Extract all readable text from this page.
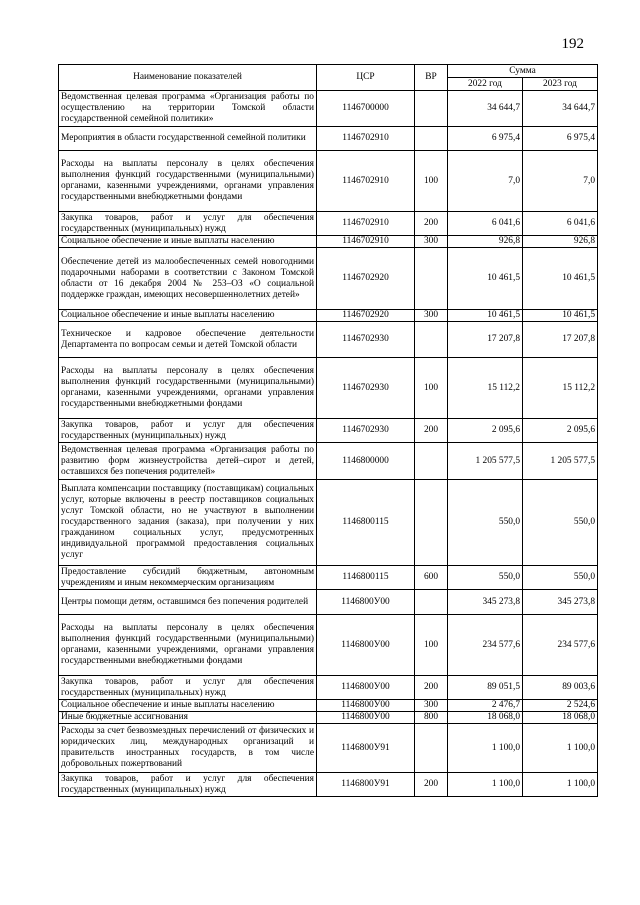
192
Наименование показателей	ЦСР	ВР	Сумма	
			2022 год	2023 год
Ведомственная целевая программа «Организация работы по осуществлению на территории Томской области государственной семейной политики»	1146700000		34 644,7	34 644,7
Мероприятия в области государственной семейной политики	1146702910		6 975,4	6 975,4
Расходы на выплаты персоналу в целях обеспечения выполнения функций государственными (муниципальными) органами, казенными учреждениями, органами управления государственными внебюджетными фондами	1146702910	100	7,0	7,0
Закупка товаров, работ и услуг для обеспечения государственных (муниципальных) нужд	1146702910	200	6 041,6	6 041,6
Социальное обеспечение и иные выплаты населению	1146702910	300	926,8	926,8
Обеспечение детей из малообеспеченных семей новогодними подарочными наборами в соответствии с Законом Томской области от 16 декабря 2004 № 253–ОЗ «О социальной поддержке граждан, имеющих несовершеннолетних детей»	1146702920		10 461,5	10 461,5
Социальное обеспечение и иные выплаты населению	1146702920	300	10 461,5	10 461,5
Техническое и кадровое обеспечение деятельности Департамента по вопросам семьи и детей Томской области	1146702930		17 207,8	17 207,8
Расходы на выплаты персоналу в целях обеспечения выполнения функций государственными (муниципальными) органами, казенными учреждениями, органами управления государственными внебюджетными фондами	1146702930	100	15 112,2	15 112,2
Закупка товаров, работ и услуг для обеспечения государственных (муниципальных) нужд	1146702930	200	2 095,6	2 095,6
Ведомственная целевая программа «Организация работы по развитию форм жизнеустройства детей–сирот и детей, оставшихся без попечения родителей»	1146800000		1 205 577,5	1 205 577,5
Выплата компенсации поставщику (поставщикам) социальных услуг, которые включены в реестр поставщиков социальных услуг Томской области, но не участвуют в выполнении государственного задания (заказа), при получении у них гражданином социальных услуг, предусмотренных индивидуальной программой предоставления социальных услуг	1146800115		550,0	550,0
Предоставление субсидий бюджетным, автономным учреждениям и иным некоммерческим организациям	1146800115	600	550,0	550,0
Центры помощи детям, оставшимся без попечения родителей	1146800У00		345 273,8	345 273,8
Расходы на выплаты персоналу в целях обеспечения выполнения функций государственными (муниципальными) органами, казенными учреждениями, органами управления государственными внебюджетными фондами	1146800У00	100	234 577,6	234 577,6
Закупка товаров, работ и услуг для обеспечения государственных (муниципальных) нужд	1146800У00	200	89 051,5	89 003,6
Социальное обеспечение и иные выплаты населению	1146800У00	300	2 476,7	2 524,6
Иные бюджетные ассигнования	1146800У00	800	18 068,0	18 068,0
Расходы за счет безвозмездных перечислений от физических и юридических лиц, международных организаций и правительств иностранных государств, в том числе добровольных пожертвований	1146800У91		1 100,0	1 100,0
Закупка товаров, работ и услуг для обеспечения государственных (муниципальных) нужд	1146800У91	200	1 100,0	1 100,0
